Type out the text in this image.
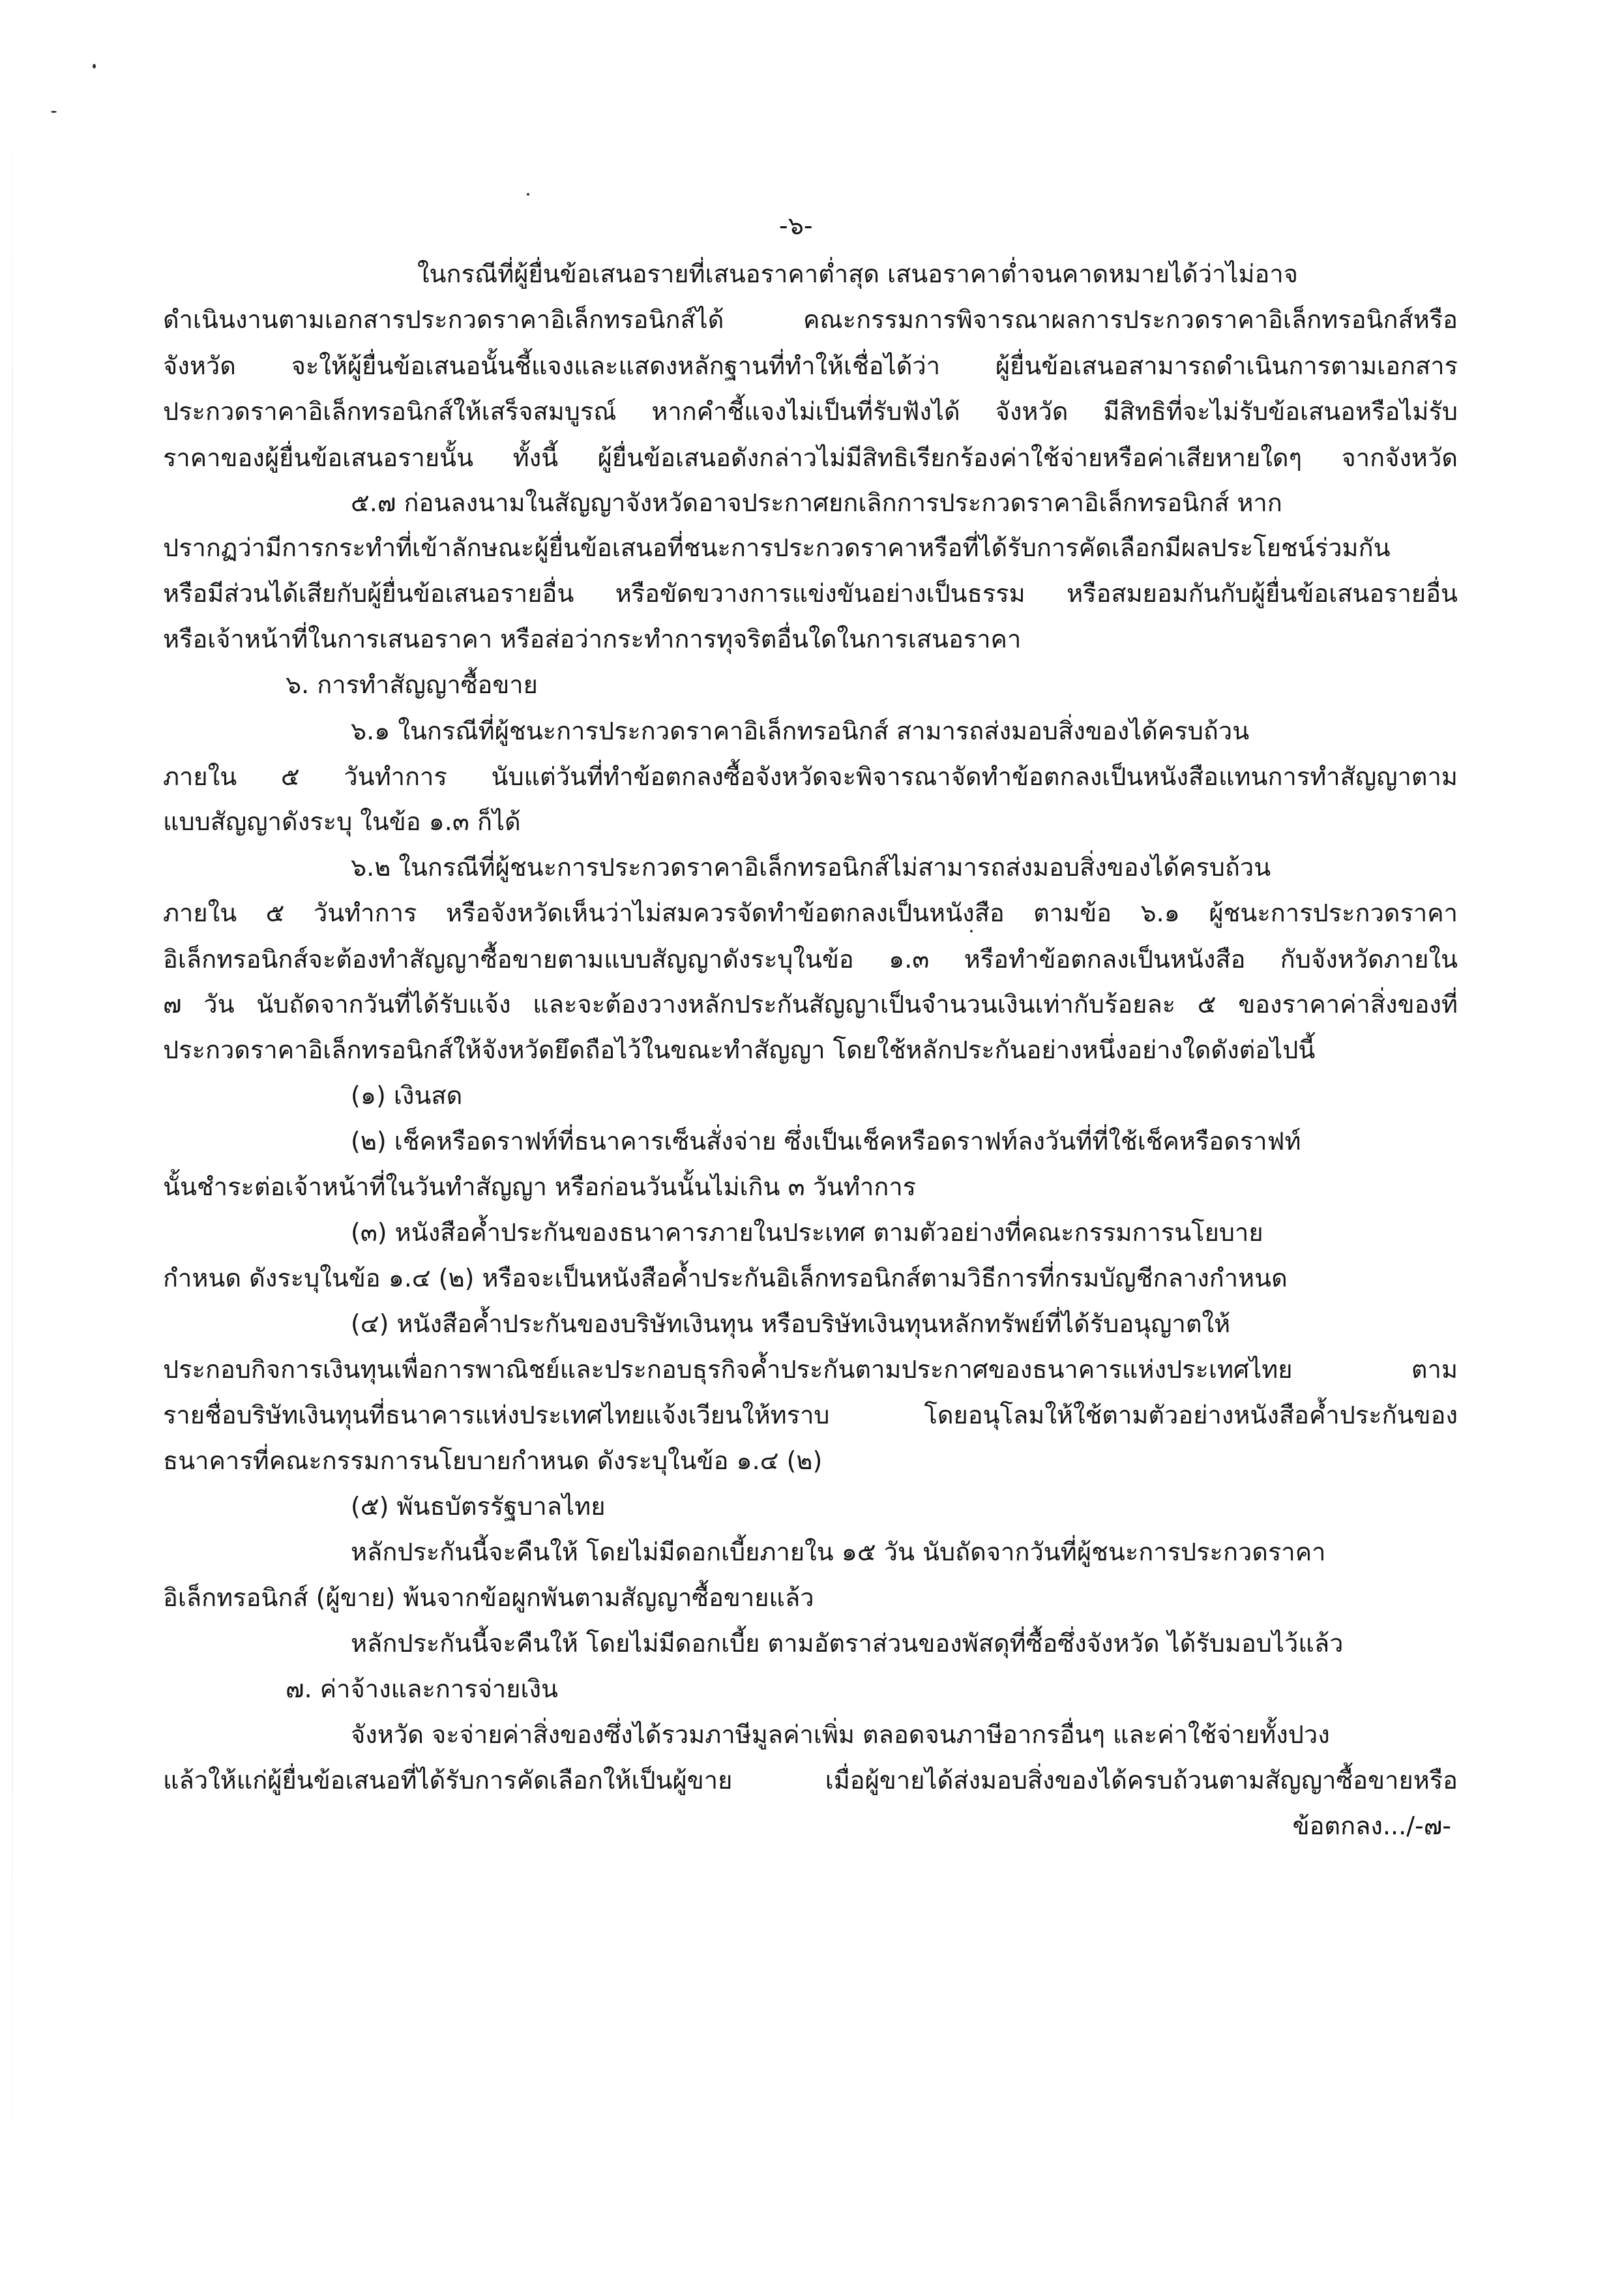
-๖-
ในกรณีที่ผู้ยื่นข้อเสนอรายที่เสนอราคาต่ำสุด เสนอราคาต่ำจนคาดหมายได้ว่าไม่อาจ
ดำเนินงานตามเอกสารประกวดราคาอิเล็กทรอนิกส์ได้ คณะกรรมการพิจารณาผลการประกวดราคาอิเล็กทรอนิกส์หรือ
จังหวัด จะให้ผู้ยื่นข้อเสนอนั้นชี้แจงและแสดงหลักฐานที่ทำให้เชื่อได้ว่า ผู้ยื่นข้อเสนอสามารถดำเนินการตามเอกสาร
ประกวดราคาอิเล็กทรอนิกส์ให้เสร็จสมบูรณ์ หากคำชี้แจงไม่เป็นที่รับฟังได้ จังหวัด มีสิทธิที่จะไม่รับข้อเสนอหรือไม่รับ
ราคาของผู้ยื่นข้อเสนอรายนั้น ทั้งนี้ ผู้ยื่นข้อเสนอดังกล่าวไม่มีสิทธิเรียกร้องค่าใช้จ่ายหรือค่าเสียหายใดๆ จากจังหวัด
๕.๗ ก่อนลงนามในสัญญาจังหวัดอาจประกาศยกเลิกการประกวดราคาอิเล็กทรอนิกส์ หาก
ปรากฏว่ามีการกระทำที่เข้าลักษณะผู้ยื่นข้อเสนอที่ชนะการประกวดราคาหรือที่ได้รับการคัดเลือกมีผลประโยชน์ร่วมกัน
หรือมีส่วนได้เสียกับผู้ยื่นข้อเสนอรายอื่น หรือขัดขวางการแข่งขันอย่างเป็นธรรม หรือสมยอมกันกับผู้ยื่นข้อเสนอรายอื่น
หรือเจ้าหน้าที่ในการเสนอราคา หรือส่อว่ากระทำการทุจริตอื่นใดในการเสนอราคา
๖. การทำสัญญาซื้อขาย
๖.๑ ในกรณีที่ผู้ชนะการประกวดราคาอิเล็กทรอนิกส์ สามารถส่งมอบสิ่งของได้ครบถ้วน
ภายใน ๕ วันทำการ นับแต่วันที่ทำข้อตกลงซื้อจังหวัดจะพิจารณาจัดทำข้อตกลงเป็นหนังสือแทนการทำสัญญาตาม
แบบสัญญาดังระบุ ในข้อ ๑.๓ ก็ได้
๖.๒ ในกรณีที่ผู้ชนะการประกวดราคาอิเล็กทรอนิกส์ไม่สามารถส่งมอบสิ่งของได้ครบถ้วน
ภายใน ๕ วันทำการ หรือจังหวัดเห็นว่าไม่สมควรจัดทำข้อตกลงเป็นหนังสือ ตามข้อ ๖.๑ ผู้ชนะการประกวดราคา
อิเล็กทรอนิกส์จะต้องทำสัญญาซื้อขายตามแบบสัญญาดังระบุในข้อ ๑.๓ หรือทำข้อตกลงเป็นหนังสือ กับจังหวัดภายใน
๗ วัน นับถัดจากวันที่ได้รับแจ้ง และจะต้องวางหลักประกันสัญญาเป็นจำนวนเงินเท่ากับร้อยละ ๕ ของราคาค่าสิ่งของที่
ประกวดราคาอิเล็กทรอนิกส์ให้จังหวัดยึดถือไว้ในขณะทำสัญญา โดยใช้หลักประกันอย่างหนึ่งอย่างใดดังต่อไปนี้
(๑) เงินสด
(๒) เช็คหรือดราฟท์ที่ธนาคารเซ็นสั่งจ่าย ซึ่งเป็นเช็คหรือดราฟท์ลงวันที่ที่ใช้เช็คหรือดราฟท์
นั้นชำระต่อเจ้าหน้าที่ในวันทำสัญญา หรือก่อนวันนั้นไม่เกิน ๓ วันทำการ
(๓) หนังสือค้ำประกันของธนาคารภายในประเทศ ตามตัวอย่างที่คณะกรรมการนโยบาย
กำหนด ดังระบุในข้อ ๑.๔ (๒) หรือจะเป็นหนังสือค้ำประกันอิเล็กทรอนิกส์ตามวิธีการที่กรมบัญชีกลางกำหนด
(๔) หนังสือค้ำประกันของบริษัทเงินทุน หรือบริษัทเงินทุนหลักทรัพย์ที่ได้รับอนุญาตให้
ประกอบกิจการเงินทุนเพื่อการพาณิชย์และประกอบธุรกิจค้ำประกันตามประกาศของธนาคารแห่งประเทศไทย ตาม
รายชื่อบริษัทเงินทุนที่ธนาคารแห่งประเทศไทยแจ้งเวียนให้ทราบ โดยอนุโลมให้ใช้ตามตัวอย่างหนังสือค้ำประกันของ
ธนาคารที่คณะกรรมการนโยบายกำหนด ดังระบุในข้อ ๑.๔ (๒)
(๕) พันธบัตรรัฐบาลไทย
หลักประกันนี้จะคืนให้ โดยไม่มีดอกเบี้ยภายใน ๑๕ วัน นับถัดจากวันที่ผู้ชนะการประกวดราคา
อิเล็กทรอนิกส์ (ผู้ขาย) พ้นจากข้อผูกพันตามสัญญาซื้อขายแล้ว
หลักประกันนี้จะคืนให้ โดยไม่มีดอกเบี้ย ตามอัตราส่วนของพัสดุที่ซื้อซึ่งจังหวัด ได้รับมอบไว้แล้ว
๗. ค่าจ้างและการจ่ายเงิน
จังหวัด จะจ่ายค่าสิ่งของซึ่งได้รวมภาษีมูลค่าเพิ่ม ตลอดจนภาษีอากรอื่นๆ และค่าใช้จ่ายทั้งปวง
แล้วให้แก่ผู้ยื่นข้อเสนอที่ได้รับการคัดเลือกให้เป็นผู้ขาย เมื่อผู้ขายได้ส่งมอบสิ่งของได้ครบถ้วนตามสัญญาซื้อขายหรือ
ข้อตกลง.../-๗-
